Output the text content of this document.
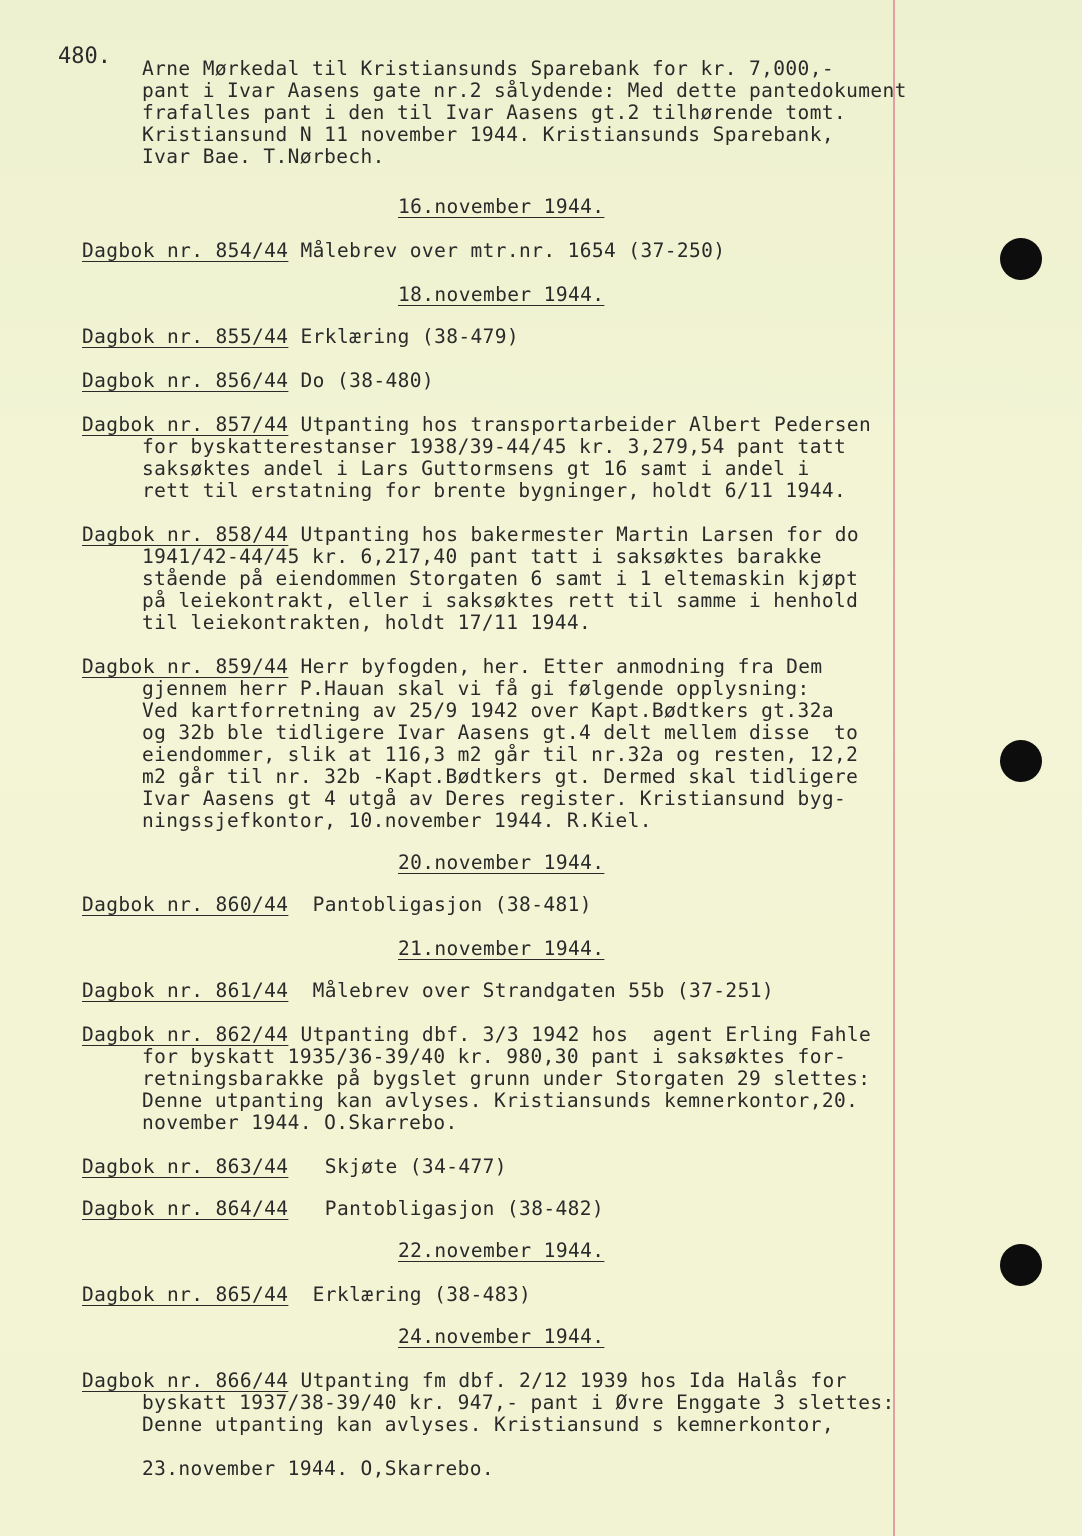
480. Arne Mørkedal til Kristiansunds Sparebank for kr. 7,000,-
pant i Ivar Aasens gate nr.2 sålydende: Med dette pantedokument
frafalles pant i den til Ivar Aasens gt.2 tilhørende tomt.
Kristiansund N 11 november 1944. Kristiansunds Sparebank,
Ivar Bae. T.Nørbech.
16.november 1944.
Dagbok nr. 854/44 Målebrev over mtr.nr. 1654 (37-250)
18.november 1944.
Dagbok nr. 855/44 Erklæring (38-479)
Dagbok nr. 856/44 Do (38-480)
Dagbok nr. 857/44 Utpanting hos transportarbeider Albert Pedersen
for byskatterestanser 1938/39-44/45 kr. 3,279,54 pant tatt
saksøktes andel i Lars Guttormsens gt 16 samt i andel i
rett til erstatning for brente bygninger, holdt 6/11 1944.
Dagbok nr. 858/44 Utpanting hos bakermester Martin Larsen for do
1941/42-44/45 kr. 6,217,40 pant tatt i saksøktes barakke
stående på eiendommen Storgaten 6 samt i 1 eltemaskin kjøpt
på leiekontrakt, eller i saksøktes rett til samme i henhold
til leiekontrakten, holdt 17/11 1944.
Dagbok nr. 859/44 Herr byfogden, her. Etter anmodning fra Dem
gjennem herr P.Hauan skal vi få gi følgende opplysning:
Ved kartforretning av 25/9 1942 over Kapt.Bødtkers gt.32a
og 32b ble tidligere Ivar Aasens gt.4 delt mellem disse  to
eiendommer, slik at 116,3 m2 går til nr.32a og resten, 12,2
m2 går til nr. 32b -Kapt.Bødtkers gt. Dermed skal tidligere
Ivar Aasens gt 4 utgå av Deres register. Kristiansund byg-
ningssjefkontor, 10.november 1944. R.Kiel.
20.november 1944.
Dagbok nr. 860/44  Pantobligasjon (38-481)
21.november 1944.
Dagbok nr. 861/44  Målebrev over Strandgaten 55b (37-251)
Dagbok nr. 862/44 Utpanting dbf. 3/3 1942 hos  agent Erling Fahle
for byskatt 1935/36-39/40 kr. 980,30 pant i saksøktes for-
retningsbarakke på bygslet grunn under Storgaten 29 slettes:
Denne utpanting kan avlyses. Kristiansunds kemnerkontor,20.
november 1944. O.Skarrebo.
Dagbok nr. 863/44   Skjøte (34-477)
Dagbok nr. 864/44   Pantobligasjon (38-482)
22.november 1944.
Dagbok nr. 865/44  Erklæring (38-483)
24.november 1944.
Dagbok nr. 866/44 Utpanting fm dbf. 2/12 1939 hos Ida Halås for
byskatt 1937/38-39/40 kr. 947,- pant i Øvre Enggate 3 slettes:
Denne utpanting kan avlyses. Kristiansund s kemnerkontor,
23.november 1944. O,Skarrebo.
